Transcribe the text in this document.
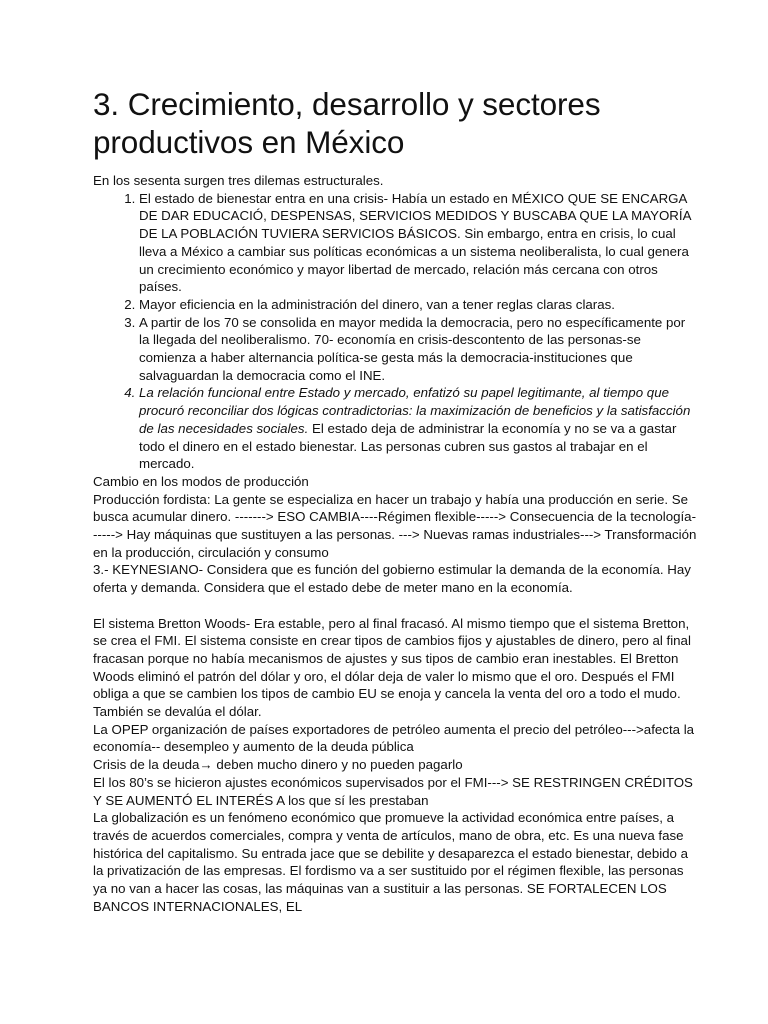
3. Crecimiento, desarrollo y sectores productivos en México

En los sesenta surgen tres dilemas estructurales.

1. El estado de bienestar entra en una crisis- Había un estado en MÉXICO QUE SE ENCARGA DE DAR EDUCACIÓ, DESPENSAS, SERVICIOS MEDIDOS Y BUSCABA QUE LA MAYORÍA DE LA POBLACIÓN TUVIERA SERVICIOS BÁSICOS. Sin embargo, entra en crisis, lo cual lleva a México a cambiar sus políticas económicas a un sistema neoliberalista, lo cual genera un crecimiento económico y mayor libertad de mercado, relación más cercana con otros países.
2. Mayor eficiencia en la administración del dinero, van a tener reglas claras claras.
3. A partir de los 70 se consolida en mayor medida la democracia, pero no específicamente por la llegada del neoliberalismo. 70- economía en crisis-descontento de las personas-se comienza a haber alternancia política-se gesta más la democracia-instituciones que salvaguardan la democracia como el INE.
4. La relación funcional entre Estado y mercado, enfatizó su papel legitimante, al tiempo que procuró reconciliar dos lógicas contradictorias: la maximización de beneficios y la satisfacción de las necesidades sociales. El estado deja de administrar la economía y no se va a gastar todo el dinero en el estado bienestar. Las personas cubren sus gastos al trabajar en el mercado.

Cambio en los modos de producción

Producción fordista: La gente se especializa en hacer un trabajo y había una producción en serie. Se busca acumular dinero. -------> ESO CAMBIA----Régimen flexible-----> Consecuencia de la tecnología------> Hay máquinas que sustituyen a las personas. ---> Nuevas ramas industriales---> Transformación en la producción, circulación y consumo

3.- KEYNESIANO- Considera que es función del gobierno estimular la demanda de la economía. Hay oferta y demanda. Considera que el estado debe de meter mano en la economía.

El sistema Bretton Woods- Era estable, pero al final fracasó. Al mismo tiempo que el sistema Bretton, se crea el FMI. El sistema consiste en crear tipos de cambios fijos y ajustables de dinero, pero al final fracasan porque no había mecanismos de ajustes y sus tipos de cambio eran inestables. El Bretton Woods eliminó el patrón del dólar y oro, el dólar deja de valer lo mismo que el oro. Después el FMI obliga a que se cambien los tipos de cambio EU se enoja y cancela la venta del oro a todo el mudo. También se devalúa el dólar.

La OPEP organización de países exportadores de petróleo aumenta el precio del petróleo--->afecta la economía-- desempleo y aumento de la deuda pública

Crisis de la deuda→ deben mucho dinero y no pueden pagarlo

El los 80’s se hicieron ajustes económicos supervisados por el FMI---> SE RESTRINGEN CRÉDITOS Y SE AUMENTÓ EL INTERÉS A los que sí les prestaban

La globalización es un fenómeno económico que promueve la actividad económica entre países, a través de acuerdos comerciales, compra y venta de artículos, mano de obra, etc. Es una nueva fase histórica del capitalismo. Su entrada jace que se debilite y desaparezca el estado bienestar, debido a la privatización de las empresas. El fordismo va a ser sustituido por el régimen flexible, las personas ya no van a hacer las cosas, las máquinas van a sustituir a las personas. SE FORTALECEN LOS BANCOS INTERNACIONALES, EL
